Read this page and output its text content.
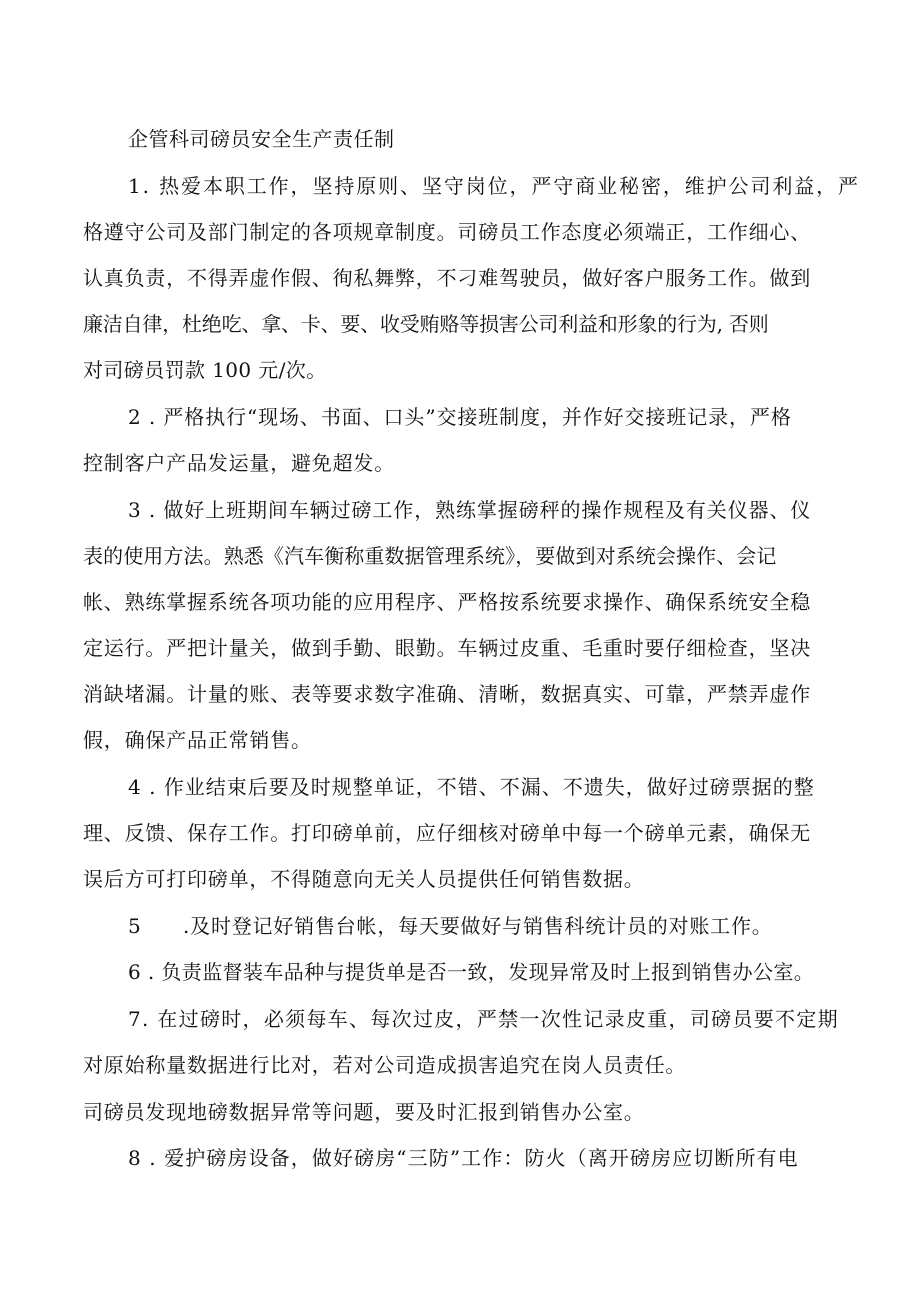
企管科司磅员安全生产责任制
1. 热爱本职工作，坚持原则、坚守岗位，严守商业秘密，维护公司利益，严
格遵守公司及部门制定的各项规章制度。司磅员工作态度必须端正，工作细心、
认真负责，不得弄虚作假、徇私舞弊，不刁难驾驶员，做好客户服务工作。做到
廉洁自律，杜绝吃、拿、卡、要、收受贿赂等损害公司利益和形象的行为, 否则
对司磅员罚款 100 元/次。
2 . 严格执行“现场、书面、口头”交接班制度，并作好交接班记录，严格
控制客户产品发运量，避免超发。
3 . 做好上班期间车辆过磅工作，熟练掌握磅秤的操作规程及有关仪器、仪
表的使用方法。熟悉《汽车衡称重数据管理系统》，要做到对系统会操作、会记
帐、熟练掌握系统各项功能的应用程序、严格按系统要求操作、确保系统安全稳
定运行。严把计量关，做到手勤、眼勤。车辆过皮重、毛重时要仔细检查，坚决
消缺堵漏。计量的账、表等要求数字准确、清晰，数据真实、可靠，严禁弄虚作
假，确保产品正常销售。
4 . 作业结束后要及时规整单证，不错、不漏、不遗失，做好过磅票据的整
理、反馈、保存工作。打印磅单前，应仔细核对磅单中每一个磅单元素，确保无
误后方可打印磅单，不得随意向无关人员提供任何销售数据。
5 .及时登记好销售台帐，每天要做好与销售科统计员的对账工作。
6 . 负责监督装车品种与提货单是否一致，发现异常及时上报到销售办公室。
7. 在过磅时，必须每车、每次过皮，严禁一次性记录皮重，司磅员要不定期
对原始称量数据进行比对，若对公司造成损害追究在岗人员责任。
司磅员发现地磅数据异常等问题，要及时汇报到销售办公室。
8 . 爱护磅房设备，做好磅房“三防”工作：防火（离开磅房应切断所有电
